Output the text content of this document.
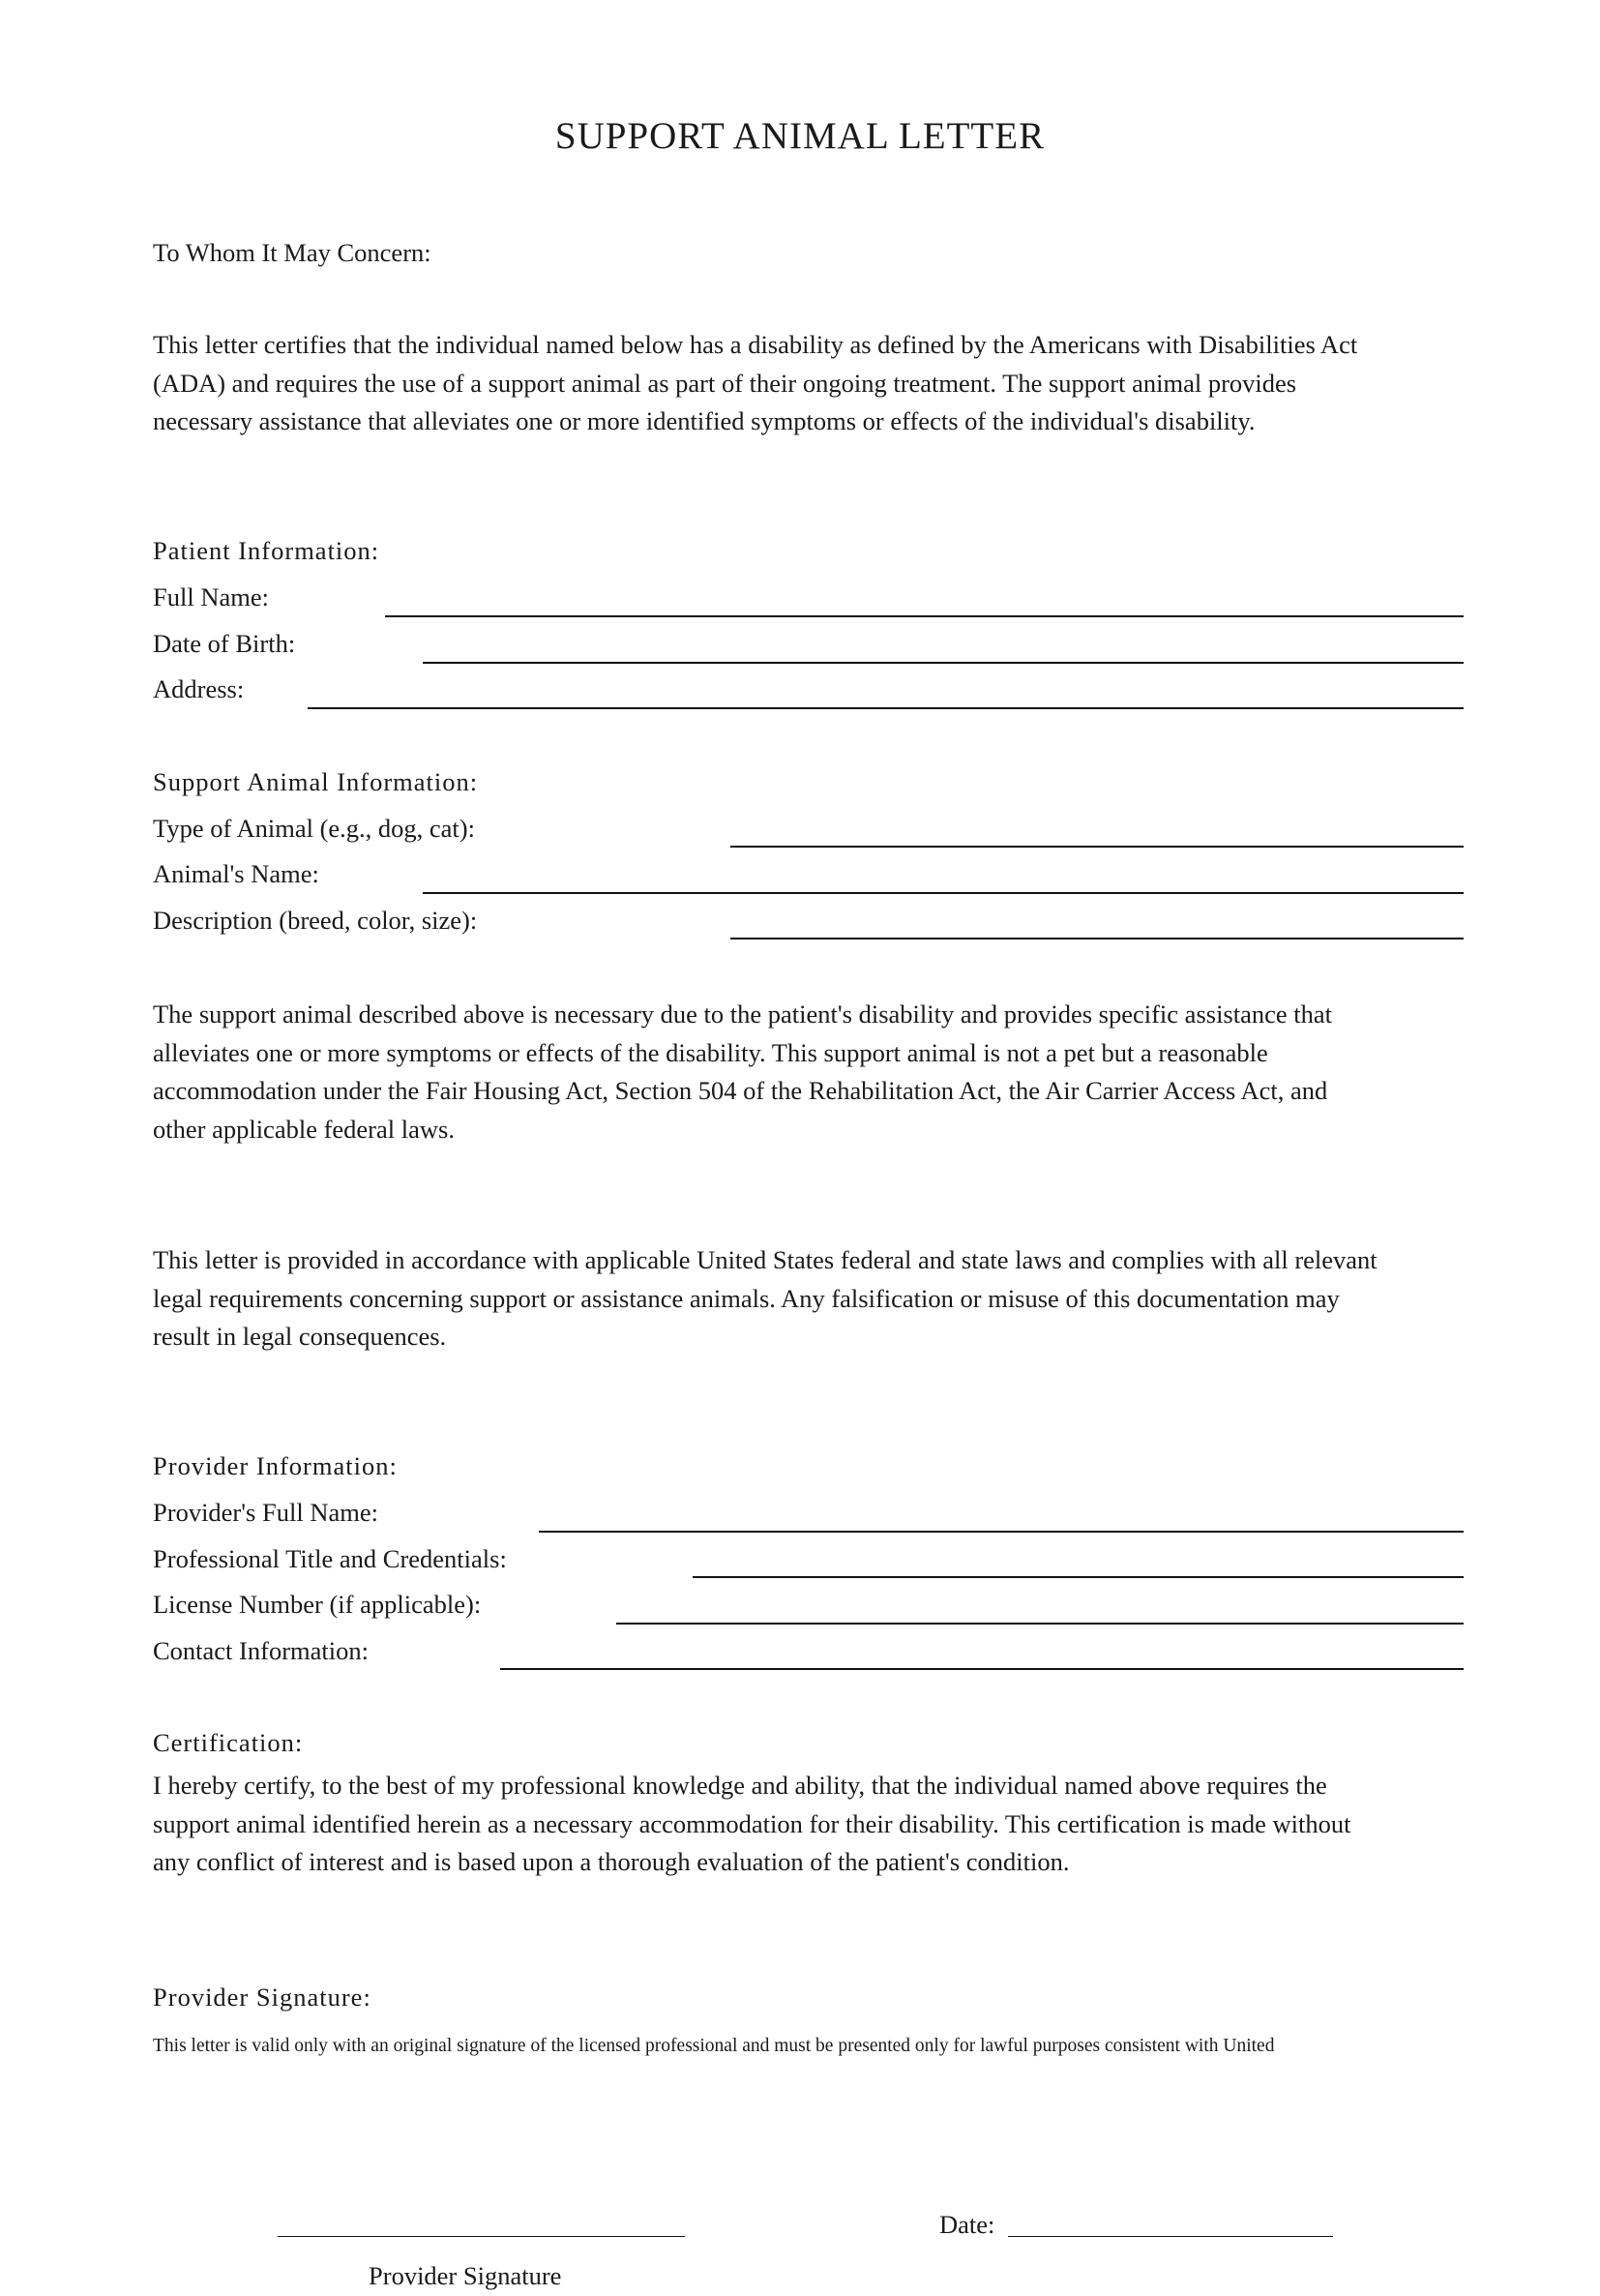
SUPPORT ANIMAL LETTER
To Whom It May Concern:
This letter certifies that the individual named below has a disability as defined by the Americans with Disabilities Act
(ADA) and requires the use of a support animal as part of their ongoing treatment. The support animal provides
necessary assistance that alleviates one or more identified symptoms or effects of the individual's disability.
Patient Information:
Full Name:
Date of Birth:
Address:
Support Animal Information:
Type of Animal (e.g., dog, cat):
Animal's Name:
Description (breed, color, size):
The support animal described above is necessary due to the patient's disability and provides specific assistance that
alleviates one or more symptoms or effects of the disability. This support animal is not a pet but a reasonable
accommodation under the Fair Housing Act, Section 504 of the Rehabilitation Act, the Air Carrier Access Act, and
other applicable federal laws.
This letter is provided in accordance with applicable United States federal and state laws and complies with all relevant
legal requirements concerning support or assistance animals. Any falsification or misuse of this documentation may
result in legal consequences.
Provider Information:
Provider's Full Name:
Professional Title and Credentials:
License Number (if applicable):
Contact Information:
Certification:
I hereby certify, to the best of my professional knowledge and ability, that the individual named above requires the
support animal identified herein as a necessary accommodation for their disability. This certification is made without
any conflict of interest and is based upon a thorough evaluation of the patient's condition.
Provider Signature:
This letter is valid only with an original signature of the licensed professional and must be presented only for lawful purposes consistent with United
Date:
Provider Signature
